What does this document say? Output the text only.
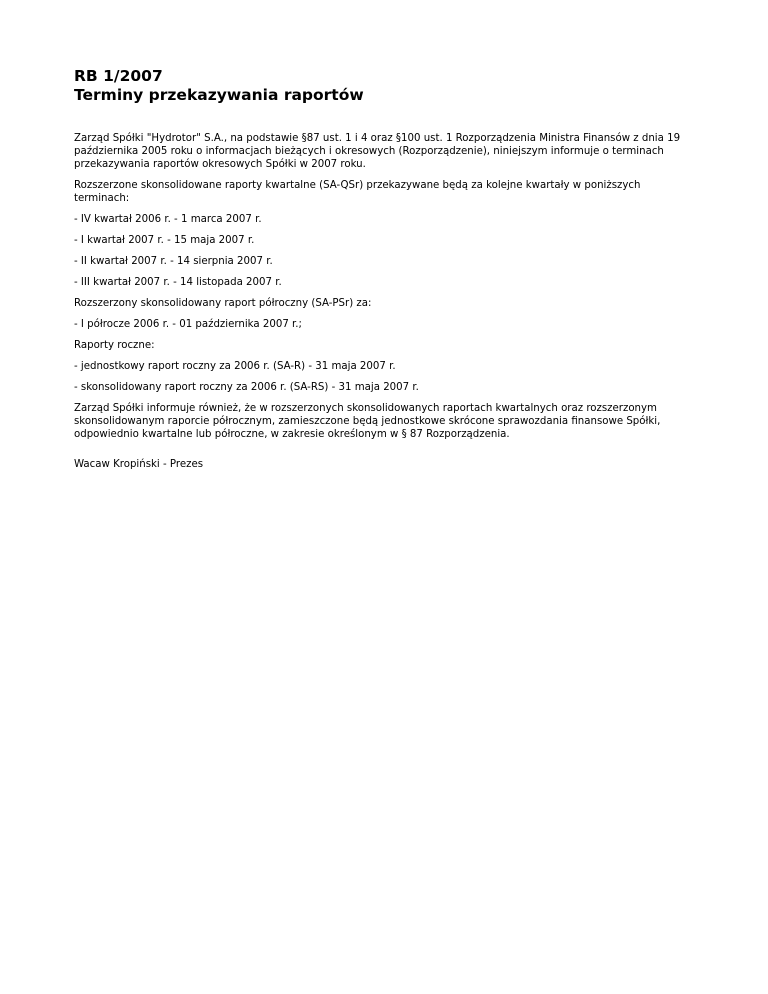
RB 1/2007
Terminy przekazywania raportów

Zarząd Spółki "Hydrotor" S.A., na podstawie §87 ust. 1 i 4 oraz §100 ust. 1 Rozporządzenia Ministra Finansów z dnia 19 października 2005 roku o informacjach bieżących i okresowych (Rozporządzenie), niniejszym informuje o terminach przekazywania raportów okresowych Spółki w 2007 roku.

Rozszerzone skonsolidowane raporty kwartalne (SA-QSr) przekazywane będą za kolejne kwartały w poniższych terminach:

- IV kwartał 2006 r. - 1 marca 2007 r.

- I kwartał 2007 r. - 15 maja 2007 r.

- II kwartał 2007 r. - 14 sierpnia 2007 r.

- III kwartał 2007 r. - 14 listopada 2007 r.

Rozszerzony skonsolidowany raport półroczny (SA-PSr) za:

- I półrocze 2006 r. - 01 października 2007 r.;

Raporty roczne:

- jednostkowy raport roczny za 2006 r. (SA-R) - 31 maja 2007 r.

- skonsolidowany raport roczny za 2006 r. (SA-RS) - 31 maja 2007 r.

Zarząd Spółki informuje również, że w rozszerzonych skonsolidowanych raportach kwartalnych oraz rozszerzonym skonsolidowanym raporcie półrocznym, zamieszczone będą jednostkowe skrócone sprawozdania finansowe Spółki, odpowiednio kwartalne lub półroczne, w zakresie określonym w § 87 Rozporządzenia.

Wacaw Kropiński - Prezes
